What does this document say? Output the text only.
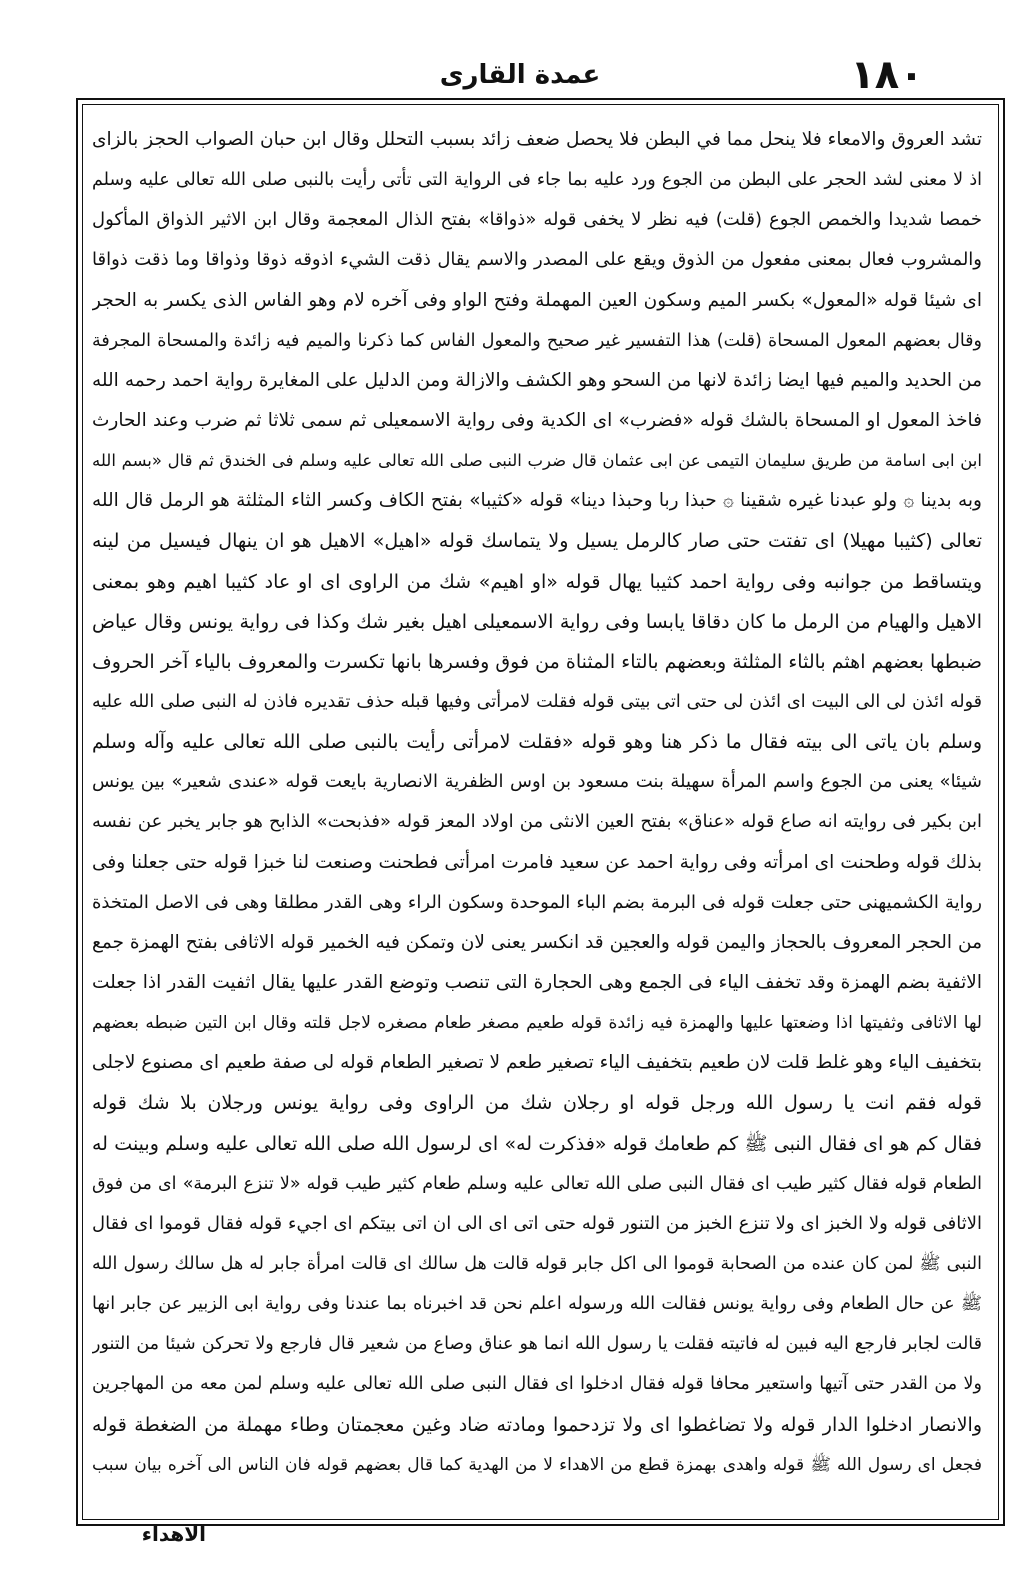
١٨٠
عمدة القاری
تشد العروق والامعاء فلا ينحل مما في البطن فلا يحصل ضعف زائد بسبب التحلل وقال ابن حبان الصواب الحجز بالزاى
اذ لا معنى لشد الحجر على البطن من الجوع ورد عليه بما جاء فى الرواية التى تأتى رأيت بالنبى صلى الله تعالى عليه وسلم
خمصا شديدا والخمص الجوع (قلت) فيه نظر لا يخفى قوله «ذواقا» بفتح الذال المعجمة وقال ابن الاثير الذواق المأكول
والمشروب فعال بمعنى مفعول من الذوق ويقع على المصدر والاسم يقال ذقت الشيء اذوقه ذوقا وذواقا وما ذقت ذواقا
اى شيئا قوله «المعول» بكسر الميم وسكون العين المهملة وفتح الواو وفى آخره لام وهو الفاس الذى يكسر به الحجر
وقال بعضهم المعول المسحاة (قلت) هذا التفسير غير صحيح والمعول الفاس كما ذكرنا والميم فيه زائدة والمسحاة المجرفة
من الحديد والميم فيها ايضا زائدة لانها من السحو وهو الكشف والازالة ومن الدليل على المغايرة رواية احمد رحمه الله
فاخذ المعول او المسحاة بالشك قوله «فضرب» اى الكدية وفى رواية الاسمعيلى ثم سمى ثلاثا ثم ضرب وعند الحارث
ابن ابى اسامة من طريق سليمان التيمى عن ابى عثمان قال ضرب النبى صلى الله تعالى عليه وسلم فى الخندق ثم قال «بسم الله
وبه بدينا ۞ ولو عبدنا غيره شقينا ۞ حبذا ربا وحبذا دينا» قوله «كثيبا» بفتح الكاف وكسر الثاء المثلثة هو الرمل قال الله
تعالى (كثيبا مهيلا) اى تفتت حتى صار كالرمل يسيل ولا يتماسك قوله «اهيل» الاهيل هو ان ينهال فيسيل من لينه
ويتساقط من جوانبه وفى رواية احمد كثيبا يهال قوله «او اهيم» شك من الراوى اى او عاد كثيبا اهيم وهو بمعنى
الاهيل والهيام من الرمل ما كان دقاقا يابسا وفى رواية الاسمعيلى اهيل بغير شك وكذا فى رواية يونس وقال عياض
ضبطها بعضهم اهثم بالثاء المثلثة وبعضهم بالتاء المثناة من فوق وفسرها بانها تكسرت والمعروف بالياء آخر الحروف
قوله ائذن لى الى البيت اى ائذن لى حتى اتى بيتى قوله فقلت لامرأتى وفيها قبله حذف تقديره فاذن له النبى صلى الله عليه
وسلم بان ياتى الى بيته فقال ما ذكر هنا وهو قوله «فقلت لامرأتى رأيت بالنبى صلى الله تعالى عليه وآله وسلم
شيئا» يعنى من الجوع واسم المرأة سهيلة بنت مسعود بن اوس الظفرية الانصارية بايعت قوله «عندى شعير» بين يونس
ابن بكير فى روايته انه صاع قوله «عناق» بفتح العين الانثى من اولاد المعز قوله «فذبحت» الذابح هو جابر يخبر عن نفسه
بذلك قوله وطحنت اى امرأته وفى رواية احمد عن سعيد فامرت امرأتى فطحنت وصنعت لنا خبزا قوله حتى جعلنا وفى
رواية الكشميهنى حتى جعلت قوله فى البرمة بضم الباء الموحدة وسكون الراء وهى القدر مطلقا وهى فى الاصل المتخذة
من الحجر المعروف بالحجاز واليمن قوله والعجين قد انكسر يعنى لان وتمكن فيه الخمير قوله الاثافى بفتح الهمزة جمع
الاثفية بضم الهمزة وقد تخفف الياء فى الجمع وهى الحجارة التى تنصب وتوضع القدر عليها يقال اثفيت القدر اذا جعلت
لها الاثافى وثفيتها اذا وضعتها عليها والهمزة فيه زائدة قوله طعيم مصغر طعام مصغره لاجل قلته وقال ابن التين ضبطه بعضهم
بتخفيف الياء وهو غلط قلت لان طعيم بتخفيف الياء تصغير طعم لا تصغير الطعام قوله لى صفة طعيم اى مصنوع لاجلى
قوله فقم انت يا رسول الله ورجل قوله او رجلان شك من الراوى وفى رواية يونس ورجلان بلا شك قوله
فقال كم هو اى فقال النبى ﷺ كم طعامك قوله «فذكرت له» اى لرسول الله صلى الله تعالى عليه وسلم وبينت له
الطعام قوله فقال كثير طيب اى فقال النبى صلى الله تعالى عليه وسلم طعام كثير طيب قوله «لا تنزع البرمة» اى من فوق
الاثافى قوله ولا الخبز اى ولا تنزع الخبز من التنور قوله حتى اتى اى الى ان اتى بيتكم اى اجيء قوله فقال قوموا اى فقال
النبى ﷺ لمن كان عنده من الصحابة قوموا الى اكل جابر قوله قالت هل سالك اى قالت امرأة جابر له هل سالك رسول الله
ﷺ عن حال الطعام وفى رواية يونس فقالت الله ورسوله اعلم نحن قد اخبرناه بما عندنا وفى رواية ابى الزبير عن جابر انها
قالت لجابر فارجع اليه فبين له فاتيته فقلت يا رسول الله انما هو عناق وصاع من شعير قال فارجع ولا تحركن شيئا من التنور
ولا من القدر حتى آتيها واستعير محافا قوله فقال ادخلوا اى فقال النبى صلى الله تعالى عليه وسلم لمن معه من المهاجرين
والانصار ادخلوا الدار قوله ولا تضاغطوا اى ولا تزدحموا ومادته ضاد وغين معجمتان وطاء مهملة من الضغطة قوله
فجعل اى رسول الله ﷺ قوله واهدى بهمزة قطع من الاهداء لا من الهدية كما قال بعضهم قوله فان الناس الى آخره بيان سبب
الاهداء
